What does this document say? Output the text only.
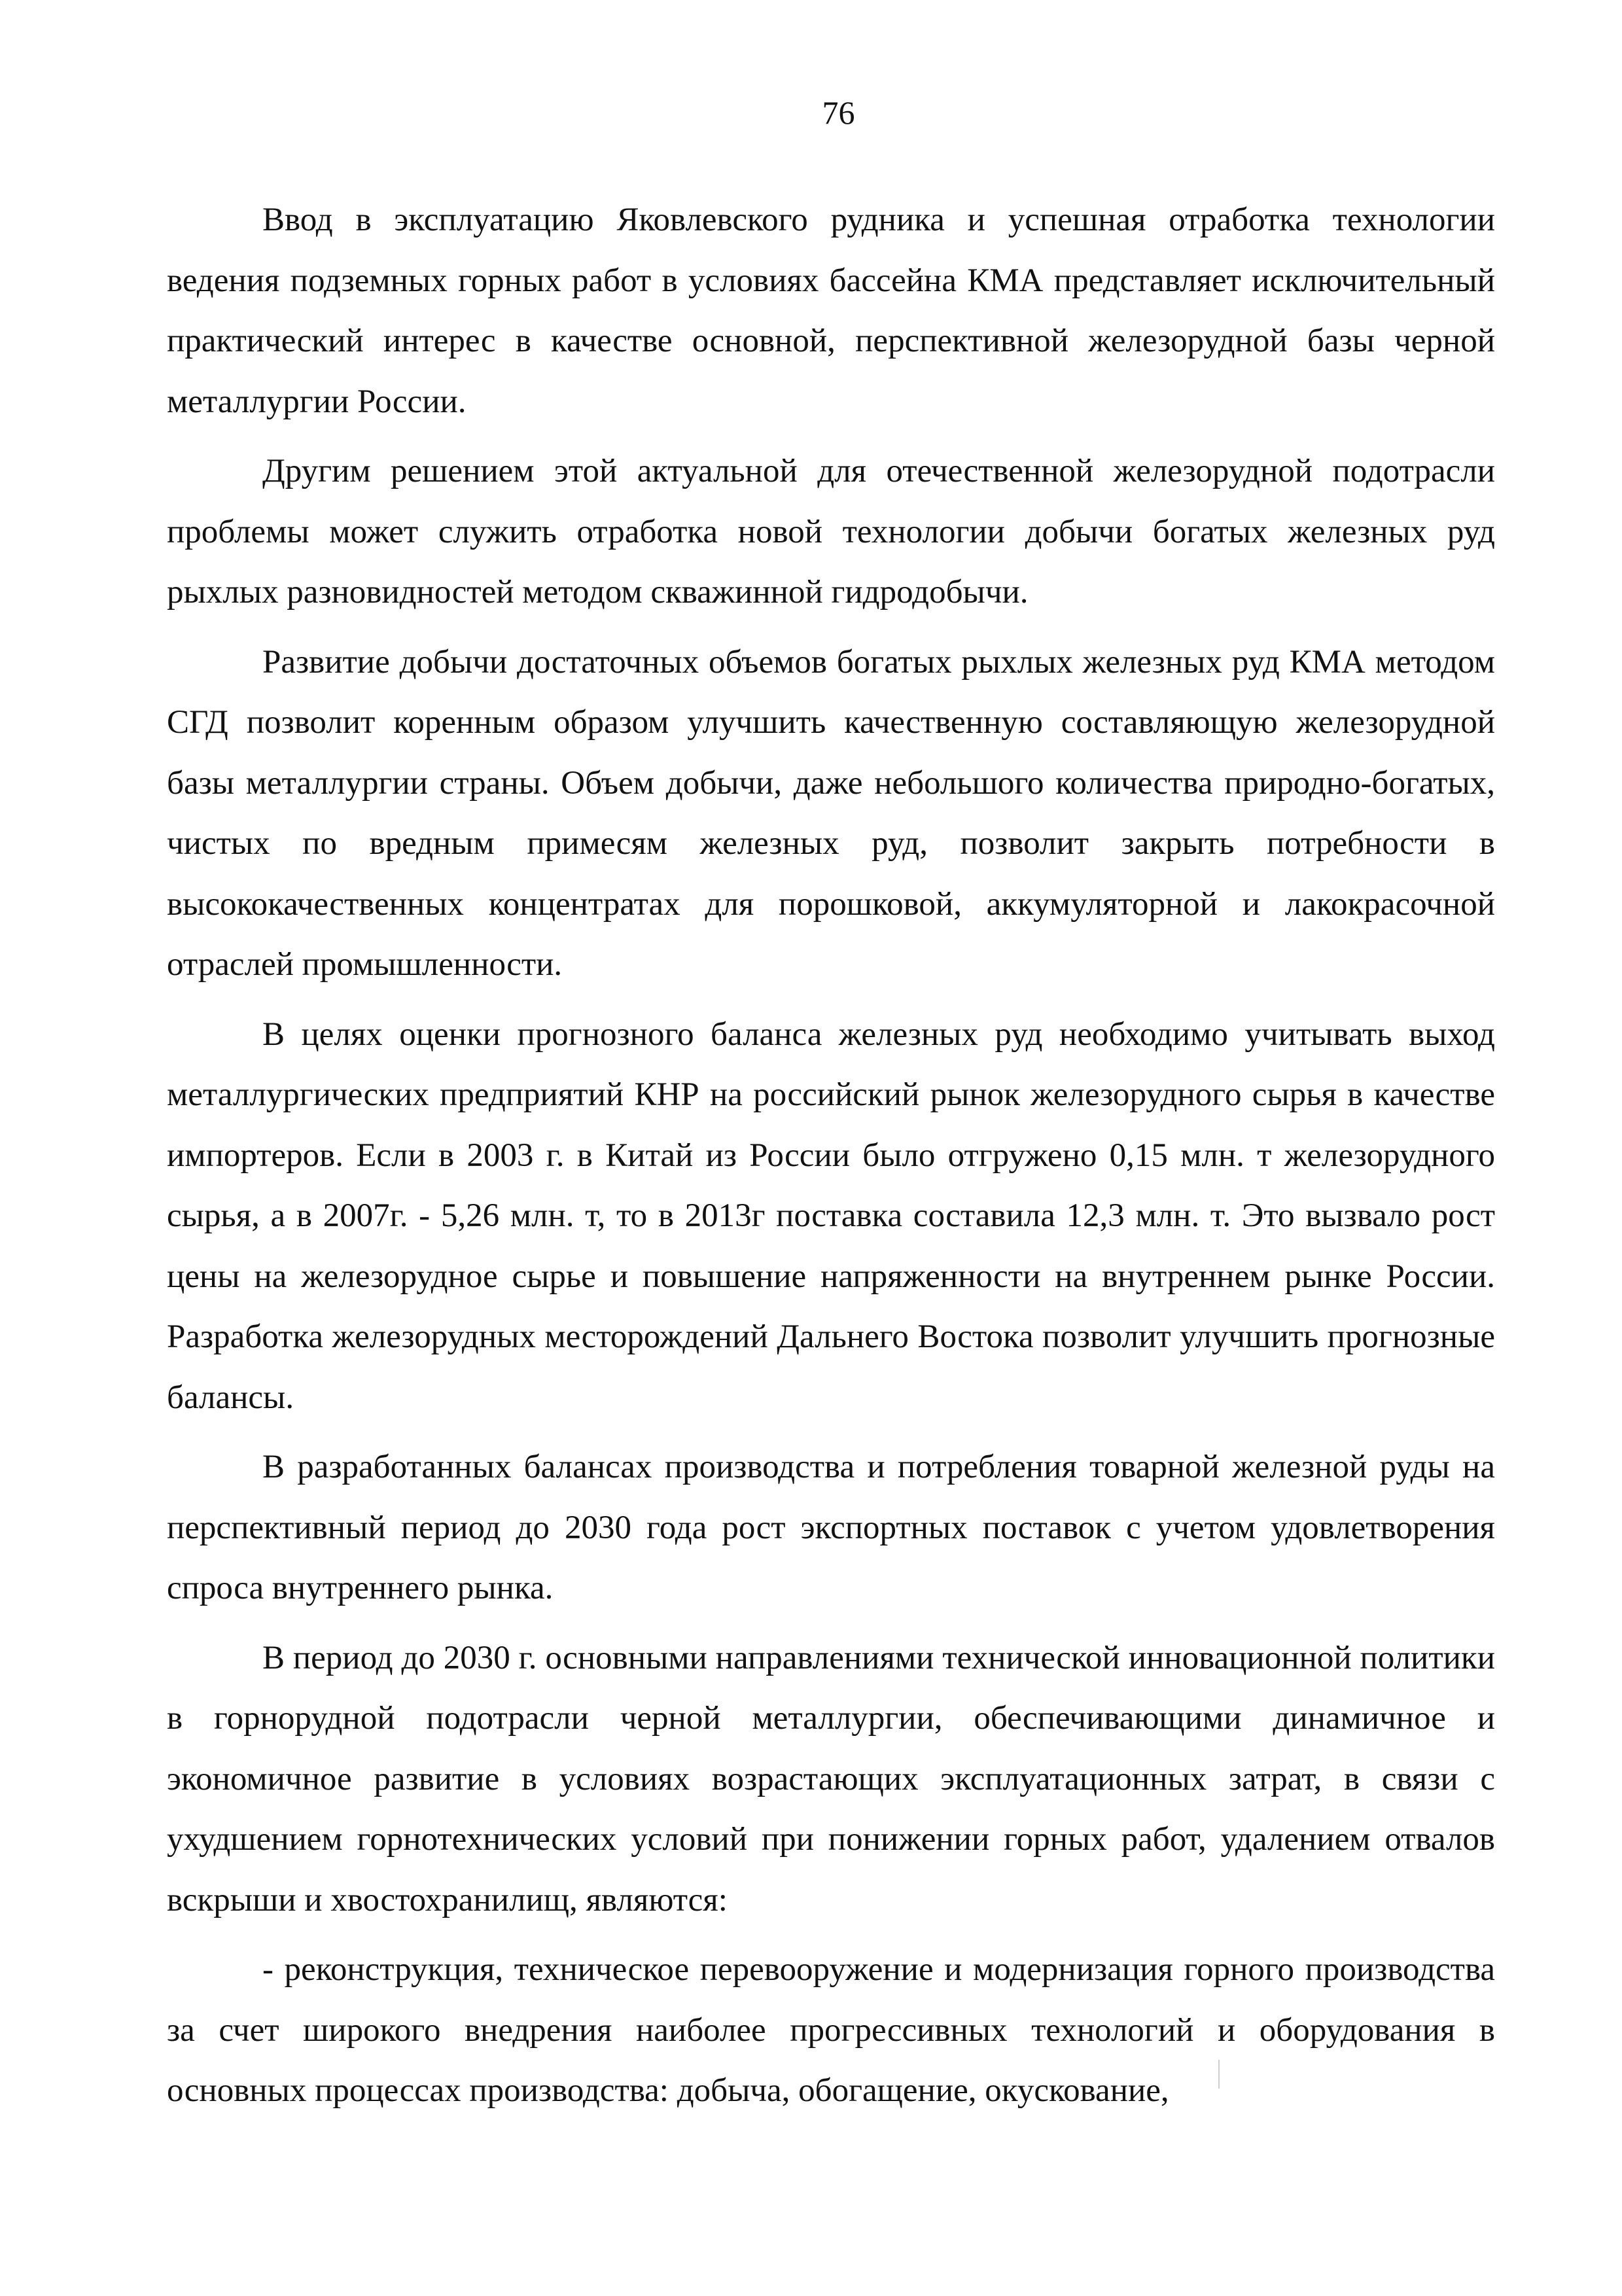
76

Ввод в эксплуатацию Яковлевского рудника и успешная отработка технологии ведения подземных горных работ в условиях бассейна КМА представляет исключительный практический интерес в качестве основной, перспективной железорудной базы черной металлургии России.

Другим решением этой актуальной для отечественной железорудной подотрасли проблемы может служить отработка новой технологии добычи богатых железных руд рыхлых разновидностей методом скважинной гидродобычи.

Развитие добычи достаточных объемов богатых рыхлых железных руд КМА методом СГД позволит коренным образом улучшить качественную составляющую железорудной базы металлургии страны. Объем добычи, даже небольшого количества природно-богатых, чистых по вредным примесям железных руд, позволит закрыть потребности в высококачественных концентратах для порошковой, аккумуляторной и лакокрасочной отраслей промышленности.

В целях оценки прогнозного баланса железных руд необходимо учитывать выход металлургических предприятий КНР на российский рынок железорудного сырья в качестве импортеров. Если в 2003 г. в Китай из России было отгружено 0,15 млн. т железорудного сырья, а в 2007г. - 5,26 млн. т, то в 2013г поставка составила 12,3 млн. т. Это вызвало рост цены на железорудное сырье и повышение напряженности на внутреннем рынке России. Разработка железорудных месторождений Дальнего Востока позволит улучшить прогнозные балансы.

В разработанных балансах производства и потребления товарной железной руды на перспективный период до 2030 года рост экспортных поставок с учетом удовлетворения спроса внутреннего рынка.

В период до 2030 г. основными направлениями технической инновационной политики в горнорудной подотрасли черной металлургии, обеспечивающими динамичное и экономичное развитие в условиях возрастающих эксплуатационных затрат, в связи с ухудшением горнотехнических условий при понижении горных работ, удалением отвалов вскрыши и хвостохранилищ, являются:

- реконструкция, техническое перевооружение и модернизация горного производства за счет широкого внедрения наиболее прогрессивных технологий и оборудования в основных процессах производства: добыча, обогащение, окускование,
